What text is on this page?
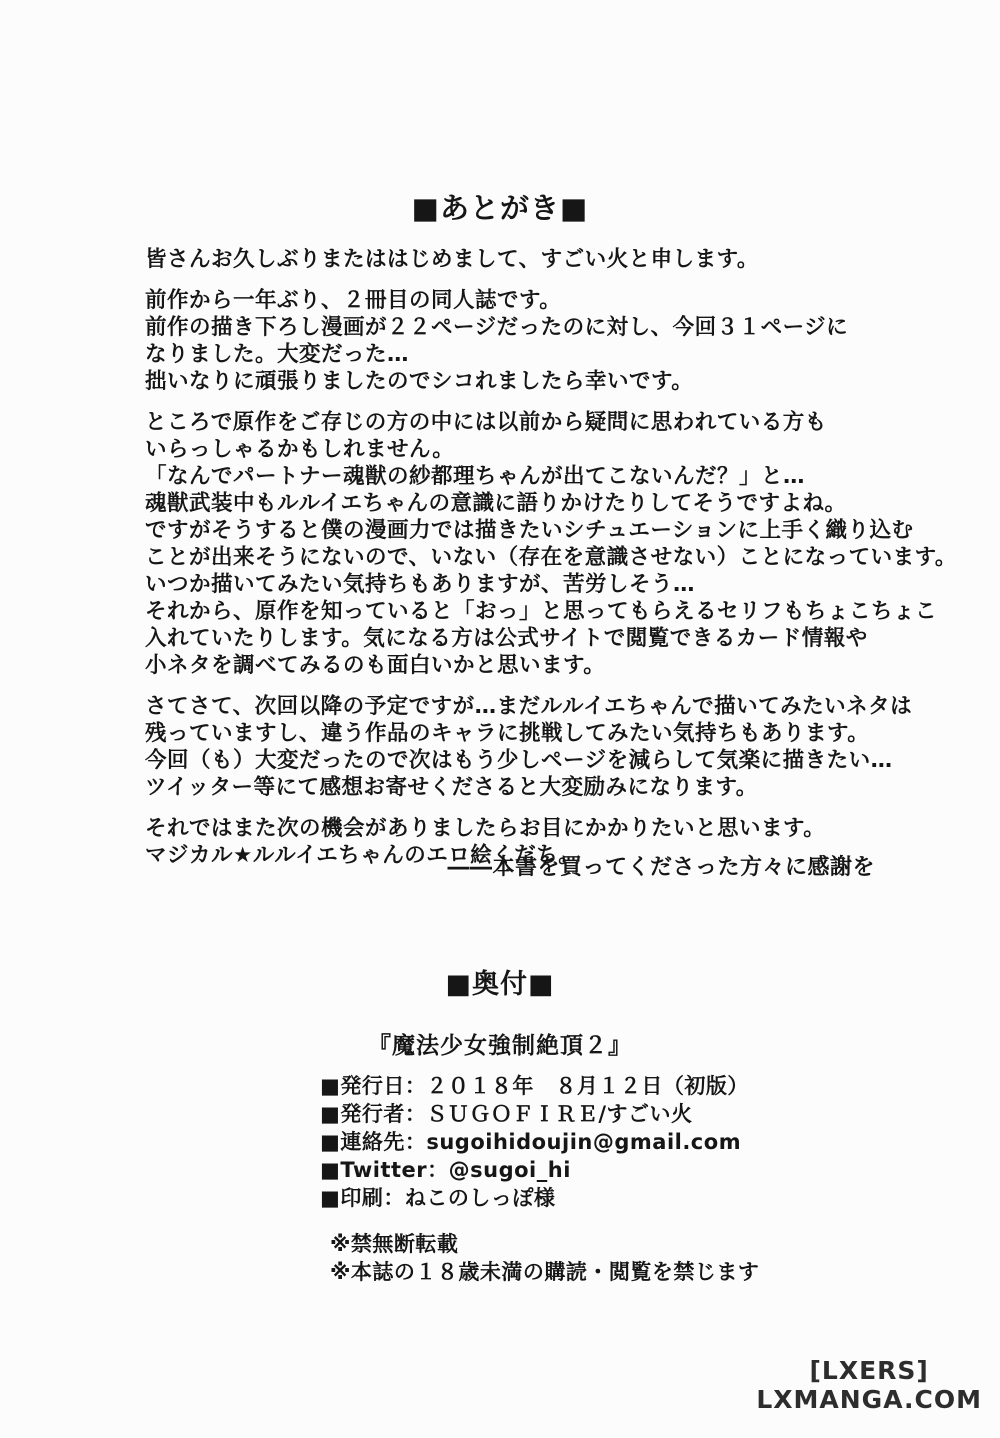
■あとがき■
皆さんお久しぶりまたははじめまして、すごい火と申します。
前作から一年ぶり、２冊目の同人誌です。
前作の描き下ろし漫画が２２ページだったのに対し、今回３１ページに
なりました。大変だった…
拙いなりに頑張りましたのでシコれましたら幸いです。
ところで原作をご存じの方の中には以前から疑問に思われている方も
いらっしゃるかもしれません。
「なんでパートナー魂獣の紗都理ちゃんが出てこないんだ？」と…
魂獣武装中もルルイエちゃんの意識に語りかけたりしてそうですよね。
ですがそうすると僕の漫画力では描きたいシチュエーションに上手く織り込む
ことが出来そうにないので、いない（存在を意識させない）ことになっています。
いつか描いてみたい気持ちもありますが、苦労しそう…
それから、原作を知っていると「おっ」と思ってもらえるセリフもちょこちょこ
入れていたりします。気になる方は公式サイトで閲覧できるカード情報や
小ネタを調べてみるのも面白いかと思います。
さてさて、次回以降の予定ですが…まだルルイエちゃんで描いてみたいネタは
残っていますし、違う作品のキャラに挑戦してみたい気持ちもあります。
今回（も）大変だったので次はもう少しページを減らして気楽に描きたい…
ツイッター等にて感想お寄せくださると大変励みになります。
それではまた次の機会がありましたらお目にかかりたいと思います。
マジカル★ルルイエちゃんのエロ絵くだち。
――本書を買ってくださった方々に感謝を
■奥付■
『魔法少女強制絶頂２』
■発行日：２０１８年　８月１２日（初版）
■発行者：ＳＵＧＯＦＩＲＥ/すごい火
■連絡先：sugoihidoujin@gmail.com
■Twitter：@sugoi_hi
■印刷：ねこのしっぽ様
※禁無断転載
※本誌の１８歳未満の購読・閲覧を禁じます
[LXERS]
LXMANGA.COM
